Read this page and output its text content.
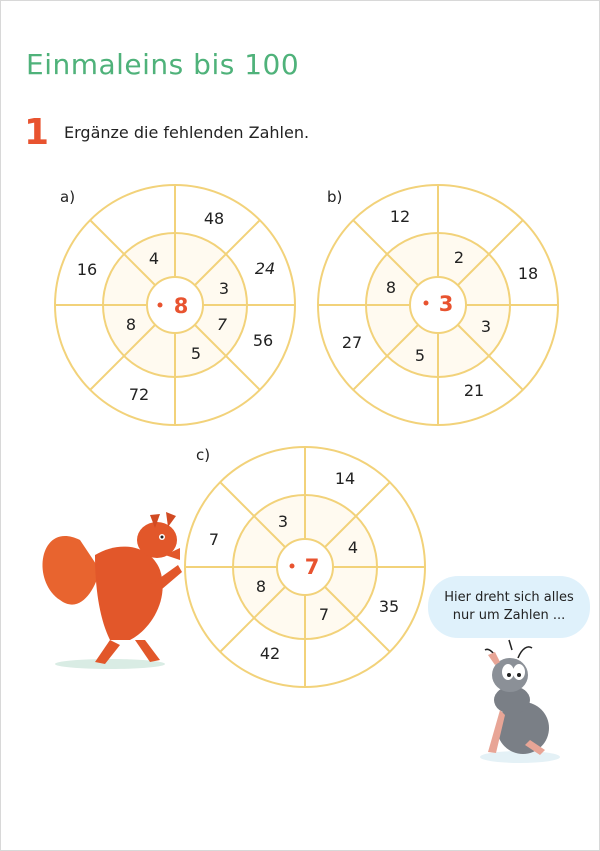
Einmaleins bis 100
1 Ergänze die fehlenden Zahlen.
a)	b)
c)
8
4
3
7
5
8
48
24
56
72
16
3
2
3
5
8
12
18
21
27
7
3
4
7
8
14
35
42
7
Hier dreht sich alles
nur um Zahlen ...
